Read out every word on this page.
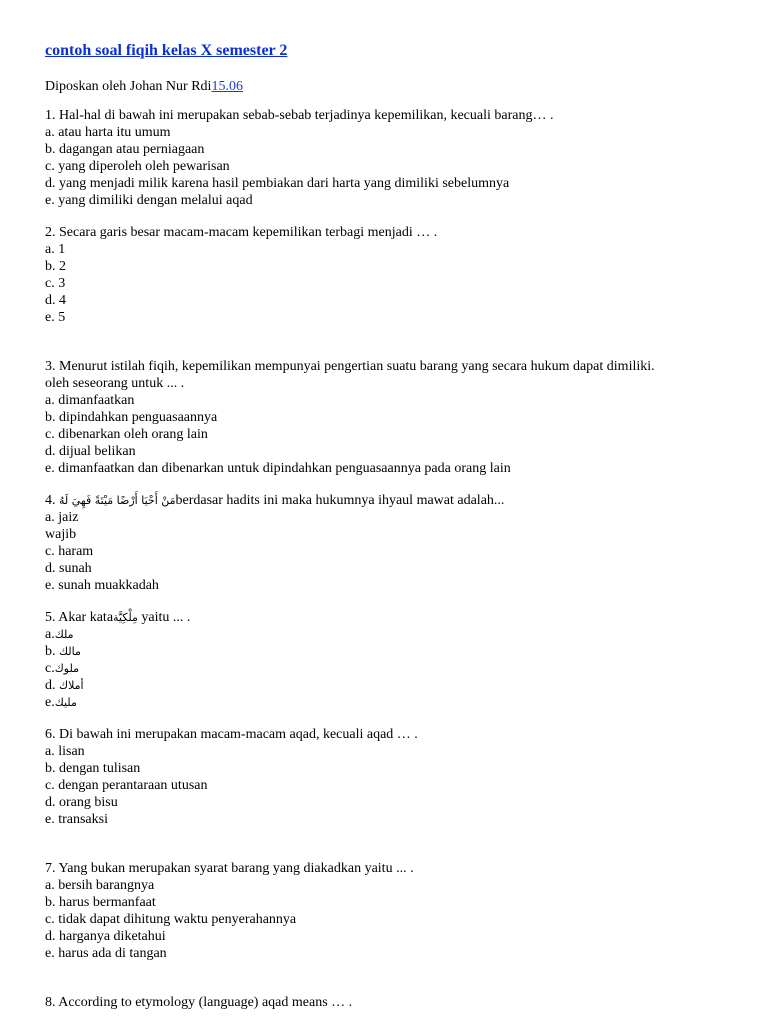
contoh soal fiqih kelas X semester 2
Diposkan oleh Johan Nur Rdi15.06

1. Hal-hal di bawah ini merupakan sebab-sebab terjadinya kepemilikan, kecuali barang… .

a. atau harta itu umum

b. dagangan atau perniagaan

c. yang diperoleh oleh pewarisan

d. yang menjadi milik karena hasil pembiakan dari harta yang dimiliki sebelumnya

e. yang dimiliki dengan melalui aqad

2. Secara garis besar macam-macam kepemilikan terbagi menjadi … .

a. 1

b. 2

c. 3

d. 4

e. 5

3. Menurut istilah fiqih, kepemilikan mempunyai pengertian suatu barang yang secara hukum dapat dimiliki.

oleh seseorang untuk ... .

a. dimanfaatkan

b. dipindahkan penguasaannya

c. dibenarkan oleh orang lain

d. dijual belikan

e. dimanfaatkan dan dibenarkan untuk dipindahkan penguasaannya pada orang lain

4. مَنْ أَحْيَا أَرْضًا مَيْتَةً فَهِيَ لَهُberdasar hadits ini maka hukumnya ihyaul mawat adalah...

a. jaiz

wajib

c. haram

d. sunah

e. sunah muakkadah

5. Akar kataمِلْكِيَّة yaitu ... .

a.ملك

b. مالك

c.ملوك

d. أملاك

e.مليك

6. Di bawah ini merupakan macam-macam aqad, kecuali aqad … .

a. lisan

b. dengan tulisan

c. dengan perantaraan utusan

d. orang bisu

e. transaksi

7. Yang bukan merupakan syarat barang yang diakadkan yaitu ... .

a. bersih barangnya

b. harus bermanfaat

c. tidak dapat dihitung waktu penyerahannya

d. harganya diketahui

e. harus ada di tangan

8. According to etymology (language) aqad means … .
